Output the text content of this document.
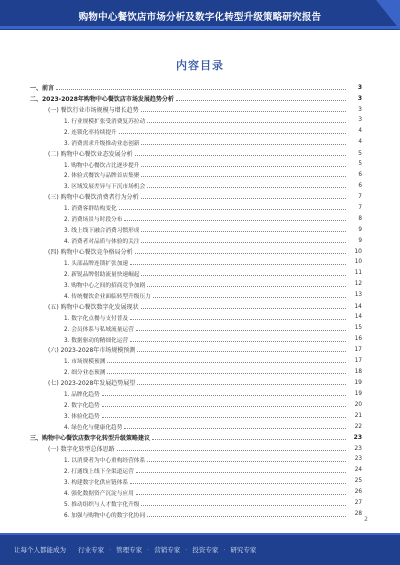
购物中心餐饮店市场分析及数字化转型升级策略研究报告
内容目录
一、前言	3
二、2023-2028年购物中心餐饮店市场发展趋势分析	3
(一) 餐饮行业市场规模与增长趋势	3
1. 行业规模扩张受消费复苏拉动	3
2. 连锁化率持续提升	4
3. 消费需求升级推动业态创新	4
(二) 购物中心餐饮业态发展分析	5
1. 购物中心餐饮占比逐步提升	5
2. 体验式餐饮与品牌首店集聚	6
3. 区域发展差异与下沉市场机会	6
(三) 购物中心餐饮消费者行为分析	7
1. 消费客群结构变化	7
2. 消费场景与时段分布	8
3. 线上线下融合消费习惯形成	9
4. 消费者对品质与体验的关注	9
(四) 购物中心餐饮竞争格局分析	10
1. 头部品牌连锁扩张加速	10
2. 新锐品牌借助流量快速崛起	11
3. 购物中心之间的招商竞争加剧	12
4. 传统餐饮企业面临转型升级压力	13
(五) 购物中心餐饮数字化发展现状	14
1. 数字化点餐与支付普及	14
2. 会员体系与私域流量运营	15
3. 数据驱动的精细化运营	16
(六) 2023-2028年市场规模预测	17
1. 市场规模预测	17
2. 细分业态预测	18
(七) 2023-2028年发展趋势展望	19
1. 品牌化趋势	19
2. 数字化趋势	20
3. 体验化趋势	21
4. 绿色化与健康化趋势	22
三、购物中心餐饮店数字化转型升级策略建议	23
(一) 数字化转型总体思路	23
1. 以消费者为中心重构经营体系	23
2. 打通线上线下全渠道运营	24
3. 构建数字化供应链体系	25
4. 强化数据资产沉淀与应用	26
5. 推动组织与人才数字化升级	27
6. 加强与购物中心的数字化协同	28
2
让每个人都能成为 行业专家 · 管理专家 · 营销专家 · 投资专家 · 研究专家
